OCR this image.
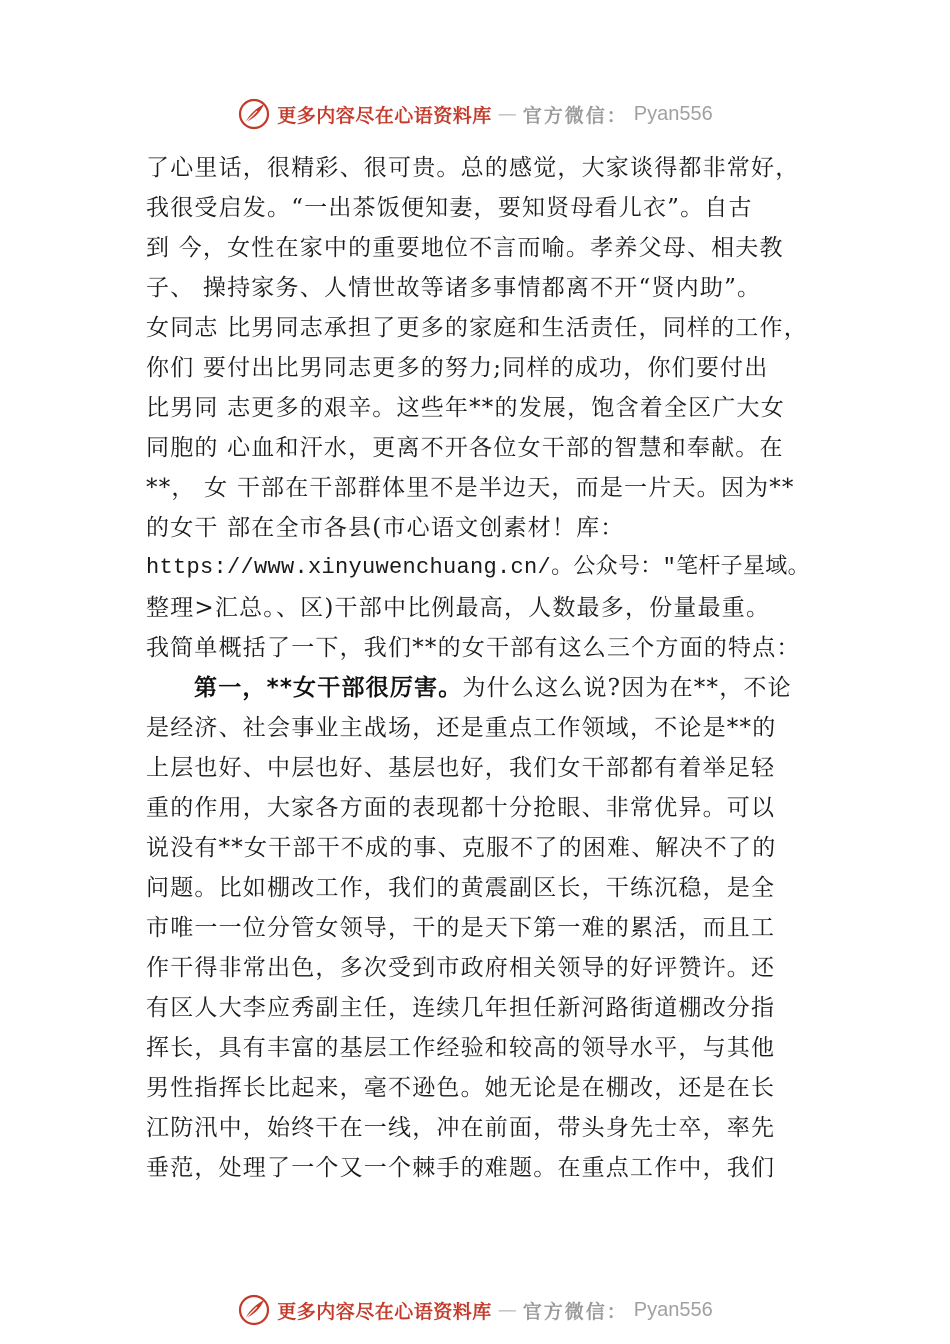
更多内容尽在心语资料库 — 官方微信： Pyan556
了心里话，很精彩、很可贵。总的感觉，大家谈得都非常好，
我很受启发。“一出茶饭便知妻，要知贤母看儿衣”。自古
到 今，女性在家中的重要地位不言而喻。孝养父母、相夫教
子、 操持家务、人情世故等诸多事情都离不开“贤内助”。
女同志 比男同志承担了更多的家庭和生活责任，同样的工作，
你们 要付出比男同志更多的努力;同样的成功，你们要付出
比男同 志更多的艰辛。这些年**的发展，饱含着全区广大女
同胞的 心血和汗水，更离不开各位女干部的智慧和奉献。在
**， 女 干部在干部群体里不是半边天，而是一片天。因为**
的女干 部在全市各县(市心语文创素材！库：
https://www.xinyuwenchuang.cn/。公众号："笔杆子星域。
整理>汇总。、区)干部中比例最高，人数最多，份量最重。
我简单概括了一下，我们**的女干部有这么三个方面的特点：
第一，**女干部很厉害。为什么这么说?因为在**，不论
是经济、社会事业主战场，还是重点工作领域，不论是**的
上层也好、中层也好、基层也好，我们女干部都有着举足轻
重的作用，大家各方面的表现都十分抢眼、非常优异。可以
说没有**女干部干不成的事、克服不了的困难、解决不了的
问题。比如棚改工作，我们的黄震副区长，干练沉稳，是全
市唯一一位分管女领导，干的是天下第一难的累活，而且工
作干得非常出色，多次受到市政府相关领导的好评赞许。还
有区人大李应秀副主任，连续几年担任新河路街道棚改分指
挥长，具有丰富的基层工作经验和较高的领导水平，与其他
男性指挥长比起来，毫不逊色。她无论是在棚改，还是在长
江防汛中，始终干在一线，冲在前面，带头身先士卒，率先
垂范，处理了一个又一个棘手的难题。在重点工作中，我们
更多内容尽在心语资料库 — 官方微信： Pyan556
